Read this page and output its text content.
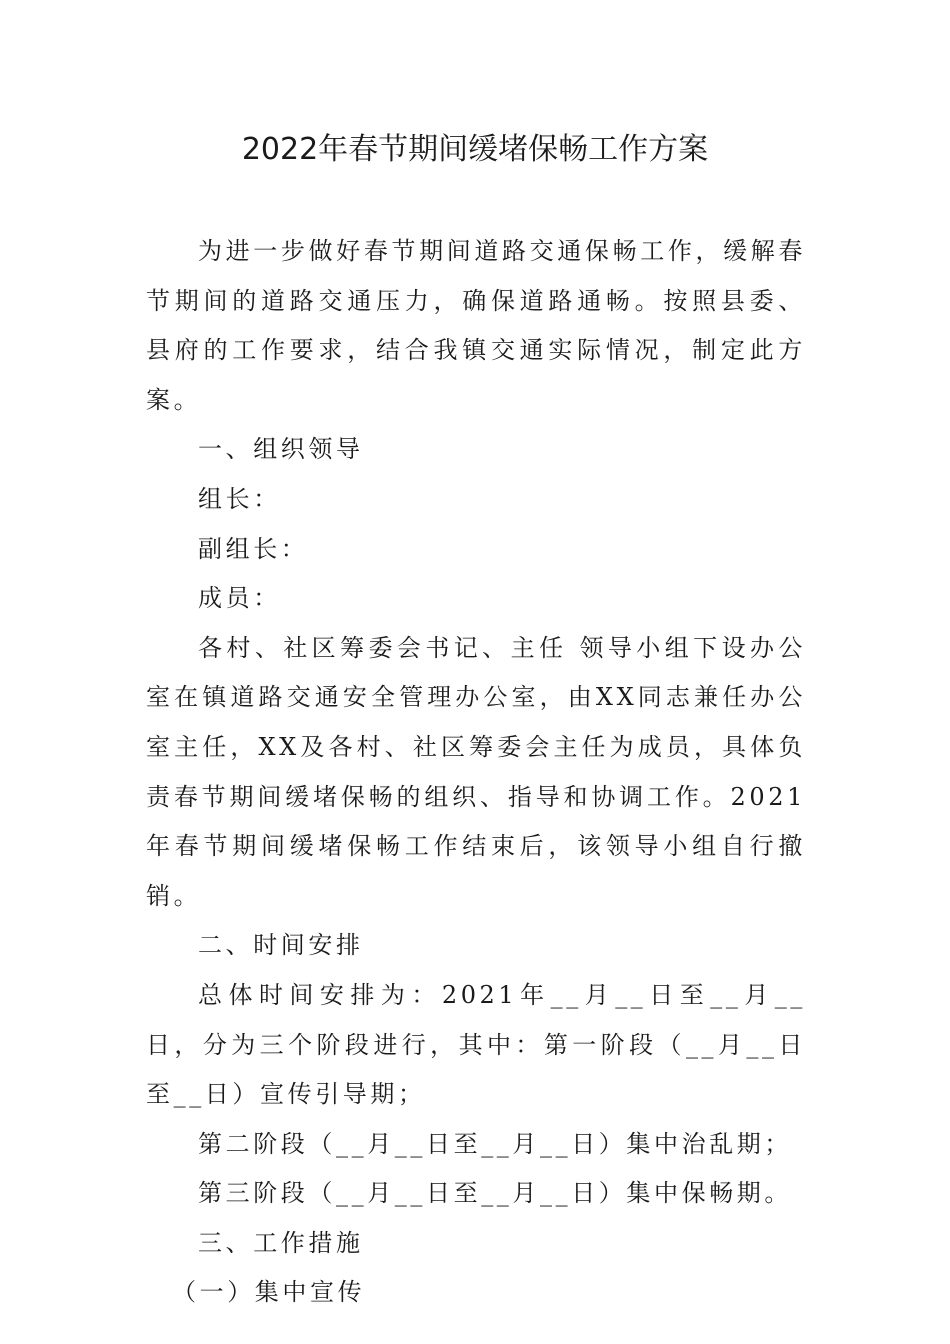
2022年春节期间缓堵保畅工作方案

为进一步做好春节期间道路交通保畅工作，缓解春节期间的道路交通压力，确保道路通畅。按照县委、县府的工作要求，结合我镇交通实际情况，制定此方案。

一、组织领导

组长：

副组长：

成员：

各村、社区筹委会书记、主任 领导小组下设办公室在镇道路交通安全管理办公室，由XX同志兼任办公室主任，XX及各村、社区筹委会主任为成员，具体负责春节期间缓堵保畅的组织、指导和协调工作。2021年春节期间缓堵保畅工作结束后，该领导小组自行撤销。

二、时间安排

总体时间安排为：2021年__月__日至__月__日，分为三个阶段进行，其中：第一阶段（__月__日至__日）宣传引导期；

第二阶段（__月__日至__月__日）集中治乱期；

第三阶段（__月__日至__月__日）集中保畅期。

三、工作措施

（一）集中宣传
